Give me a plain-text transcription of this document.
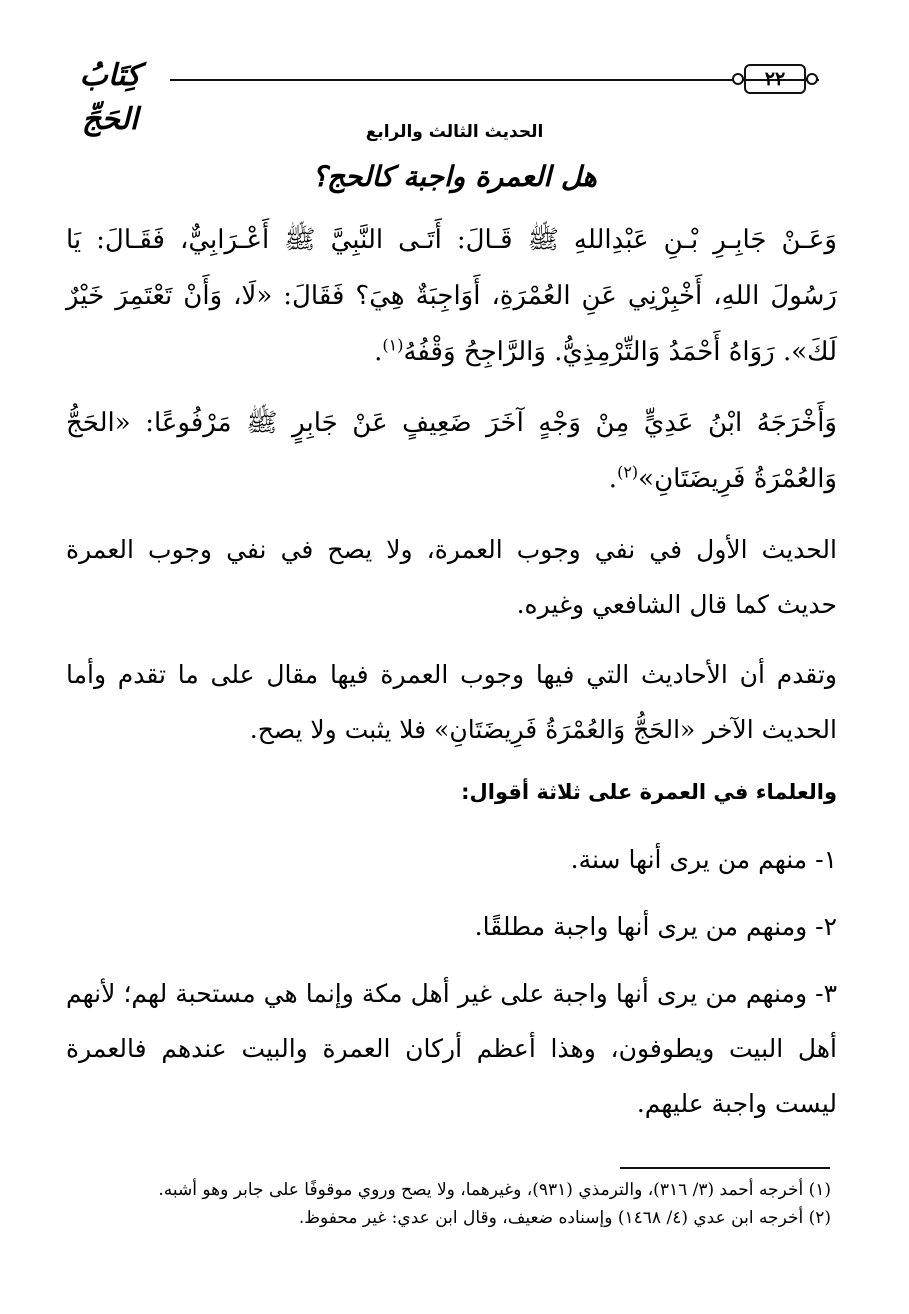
كِتَابُ الحَجِّ
٢٢
الحديث الثالث والرابع
هل العمرة واجبة كالحج؟

وَعَـنْ جَابِـرِ بْـنِ عَبْدِاللهِ ﷺ قَـالَ: أَتَـى النَّبِيَّ ﷺ أَعْـرَابِيٌّ، فَقَـالَ: يَا رَسُولَ اللهِ، أَخْبِرْنِي عَنِ العُمْرَةِ، أَوَاجِبَةٌ هِيَ؟ فَقَالَ: «لَا، وَأَنْ تَعْتَمِرَ خَيْرٌ لَكَ». رَوَاهُ أَحْمَدُ وَالتِّرْمِذِيُّ. وَالرَّاجِحُ وَقْفُهُ$^{(١)}$.

وَأَخْرَجَهُ ابْنُ عَدِيٍّ مِنْ وَجْهٍ آخَرَ ضَعِيفٍ عَنْ جَابِرٍ ﷺ مَرْفُوعًا: «الحَجُّ وَالعُمْرَةُ فَرِيضَتَانِ»$^{(٢)}$.

الحديث الأول في نفي وجوب العمرة، ولا يصح في نفي وجوب العمرة حديث كما قال الشافعي وغيره.

وتقدم أن الأحاديث التي فيها وجوب العمرة فيها مقال على ما تقدم وأما الحديث الآخر «الحَجُّ وَالعُمْرَةُ فَرِيضَتَانِ» فلا يثبت ولا يصح.

والعلماء في العمرة على ثلاثة أقوال:

١- منهم من يرى أنها سنة.

٢- ومنهم من يرى أنها واجبة مطلقًا.

٣- ومنهم من يرى أنها واجبة على غير أهل مكة وإنما هي مستحبة لهم؛ لأنهم أهل البيت ويطوفون، وهذا أعظم أركان العمرة والبيت عندهم فالعمرة ليست واجبة عليهم.

(١) أخرجه أحمد (٣/ ٣١٦)، والترمذي (٩٣١)، وغيرهما، ولا يصح وروي موقوفًا على جابر وهو أشبه.

(٢) أخرجه ابن عدي (٤/ ١٤٦٨) وإسناده ضعيف، وقال ابن عدي: غير محفوظ.
